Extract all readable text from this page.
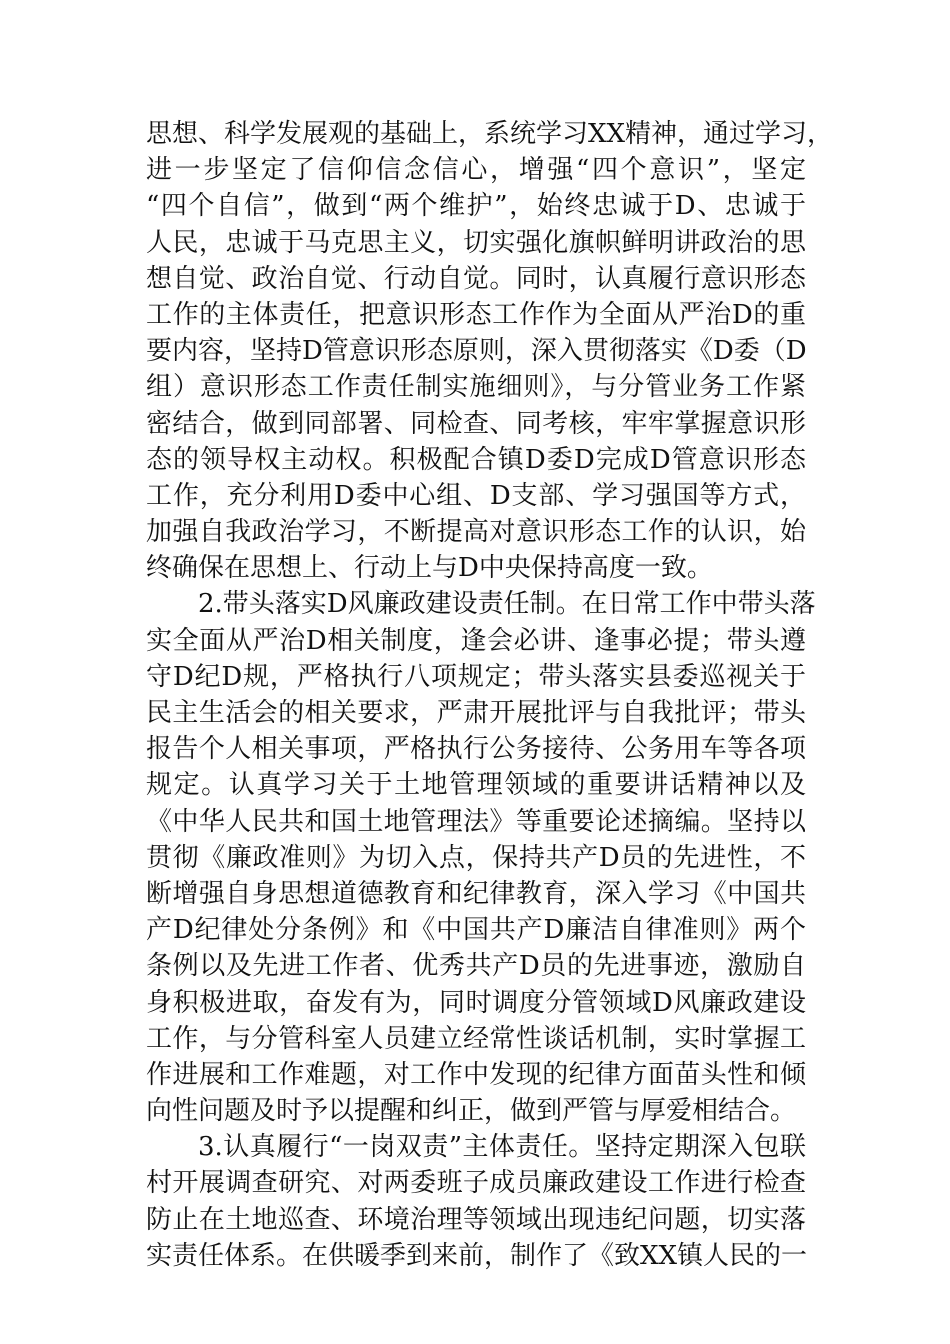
思想、科学发展观的基础上，系统学习XX精神，通过学习，
进一步坚定了信仰信念信心，增强“四个意识”，坚定
“四个自信”，做到“两个维护”，始终忠诚于D、忠诚于
人民，忠诚于马克思主义，切实强化旗帜鲜明讲政治的思
想自觉、政治自觉、行动自觉。同时，认真履行意识形态
工作的主体责任，把意识形态工作作为全面从严治D的重
要内容，坚持D管意识形态原则，深入贯彻落实《D委（D
组）意识形态工作责任制实施细则》，与分管业务工作紧
密结合，做到同部署、同检查、同考核，牢牢掌握意识形
态的领导权主动权。积极配合镇D委D完成D管意识形态
工作，充分利用D委中心组、D支部、学习强国等方式，
加强自我政治学习，不断提高对意识形态工作的认识，始
终确保在思想上、行动上与D中央保持高度一致。
2.带头落实D风廉政建设责任制。在日常工作中带头落
实全面从严治D相关制度，逢会必讲、逢事必提；带头遵
守D纪D规，严格执行八项规定；带头落实县委巡视关于
民主生活会的相关要求，严肃开展批评与自我批评；带头
报告个人相关事项，严格执行公务接待、公务用车等各项
规定。认真学习关于土地管理领域的重要讲话精神以及
《中华人民共和国土地管理法》等重要论述摘编。坚持以
贯彻《廉政准则》为切入点，保持共产D员的先进性，不
断增强自身思想道德教育和纪律教育，深入学习《中国共
产D纪律处分条例》和《中国共产D廉洁自律准则》两个
条例以及先进工作者、优秀共产D员的先进事迹，激励自
身积极进取，奋发有为，同时调度分管领域D风廉政建设
工作，与分管科室人员建立经常性谈话机制，实时掌握工
作进展和工作难题，对工作中发现的纪律方面苗头性和倾
向性问题及时予以提醒和纠正，做到严管与厚爱相结合。
3.认真履行“一岗双责”主体责任。坚持定期深入包联
村开展调查研究、对两委班子成员廉政建设工作进行检查
防止在土地巡查、环境治理等领域出现违纪问题，切实落
实责任体系。在供暖季到来前，制作了《致XX镇人民的一
